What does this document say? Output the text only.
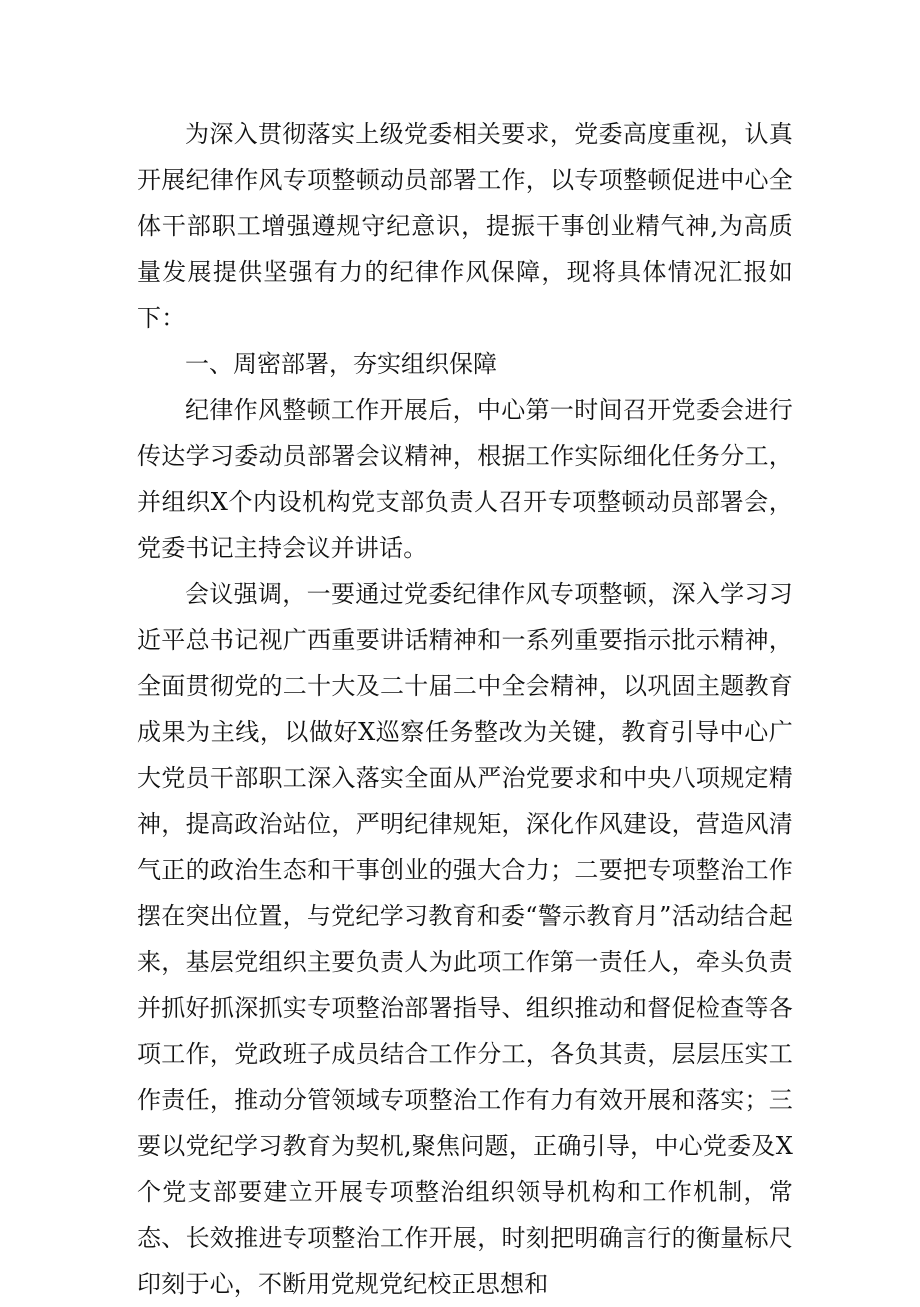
为深入贯彻落实上级党委相关要求，党委高度重视，认真开展纪律作风专项整顿动员部署工作，以专项整顿促进中心全体干部职工增强遵规守纪意识，提振干事创业精气神,为高质量发展提供坚强有力的纪律作风保障，现将具体情况汇报如下：

一、周密部署，夯实组织保障

纪律作风整顿工作开展后，中心第一时间召开党委会进行传达学习委动员部署会议精神，根据工作实际细化任务分工，并组织X个内设机构党支部负责人召开专项整顿动员部署会，党委书记主持会议并讲话。

会议强调，一要通过党委纪律作风专项整顿，深入学习习近平总书记视广西重要讲话精神和一系列重要指示批示精神，全面贯彻党的二十大及二十届二中全会精神，以巩固主题教育成果为主线，以做好X巡察任务整改为关键，教育引导中心广大党员干部职工深入落实全面从严治党要求和中央八项规定精神，提高政治站位，严明纪律规矩，深化作风建设，营造风清气正的政治生态和干事创业的强大合力；二要把专项整治工作摆在突出位置，与党纪学习教育和委“警示教育月”活动结合起来，基层党组织主要负责人为此项工作第一责任人，牵头负责并抓好抓深抓实专项整治部署指导、组织推动和督促检查等各项工作，党政班子成员结合工作分工，各负其责，层层压实工作责任，推动分管领域专项整治工作有力有效开展和落实；三要以党纪学习教育为契机,聚焦问题，正确引导，中心党委及X个党支部要建立开展专项整治组织领导机构和工作机制，常态、长效推进专项整治工作开展，时刻把明确言行的衡量标尺印刻于心，不断用党规党纪校正思想和
